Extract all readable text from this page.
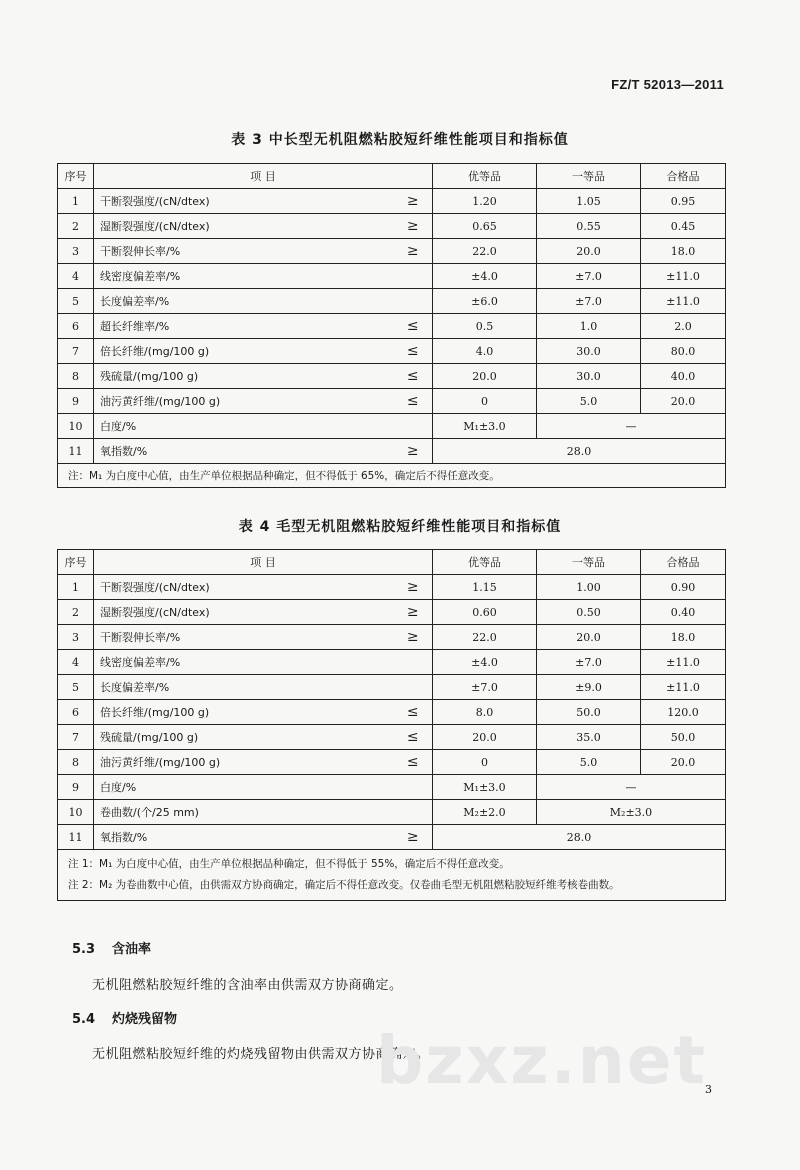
FZ/T 52013—2011
表 3 中长型无机阻燃粘胶短纤维性能项目和指标值
序号	项 目		优等品	一等品	合格品
1	干断裂强度/(cN/dtex)	≥	1.20	1.05	0.95
2	湿断裂强度/(cN/dtex)	≥	0.65	0.55	0.45
3	干断裂伸长率/%	≥	22.0	20.0	18.0
4	线密度偏差率/%		±4.0	±7.0	±11.0
5	长度偏差率/%		±6.0	±7.0	±11.0
6	超长纤维率/%	≤	0.5	1.0	2.0
7	倍长纤维/(mg/100 g)	≤	4.0	30.0	80.0
8	残硫量/(mg/100 g)	≤	20.0	30.0	40.0
9	油污黄纤维/(mg/100 g)	≤	0	5.0	20.0
10	白度/%		M₁±3.0	—	
11	氧指数/%	≥	28.0		
注：M₁ 为白度中心值，由生产单位根据品种确定，但不得低于 65%，确定后不得任意改变。					
表 4 毛型无机阻燃粘胶短纤维性能项目和指标值
序号	项 目		优等品	一等品	合格品
1	干断裂强度/(cN/dtex)	≥	1.15	1.00	0.90
2	湿断裂强度/(cN/dtex)	≥	0.60	0.50	0.40
3	干断裂伸长率/%	≥	22.0	20.0	18.0
4	线密度偏差率/%		±4.0	±7.0	±11.0
5	长度偏差率/%		±7.0	±9.0	±11.0
6	倍长纤维/(mg/100 g)	≤	8.0	50.0	120.0
7	残硫量/(mg/100 g)	≤	20.0	35.0	50.0
8	油污黄纤维/(mg/100 g)	≤	0	5.0	20.0
9	白度/%		M₁±3.0	—	
10	卷曲数/(个/25 mm)		M₂±2.0	M₂±3.0	
11	氧指数/%	≥	28.0		

注 1：M₁ 为白度中心值，由生产单位根据品种确定，但不得低于 55%，确定后不得任意改变。
注 2：M₂ 为卷曲数中心值，由供需双方协商确定，确定后不得任意改变。仅卷曲毛型无机阻燃粘胶短纤维考核卷曲数。					
5.3 含油率
无机阻燃粘胶短纤维的含油率由供需双方协商确定。
5.4 灼烧残留物
无机阻燃粘胶短纤维的灼烧残留物由供需双方协商确定。
bzxz.net
3
